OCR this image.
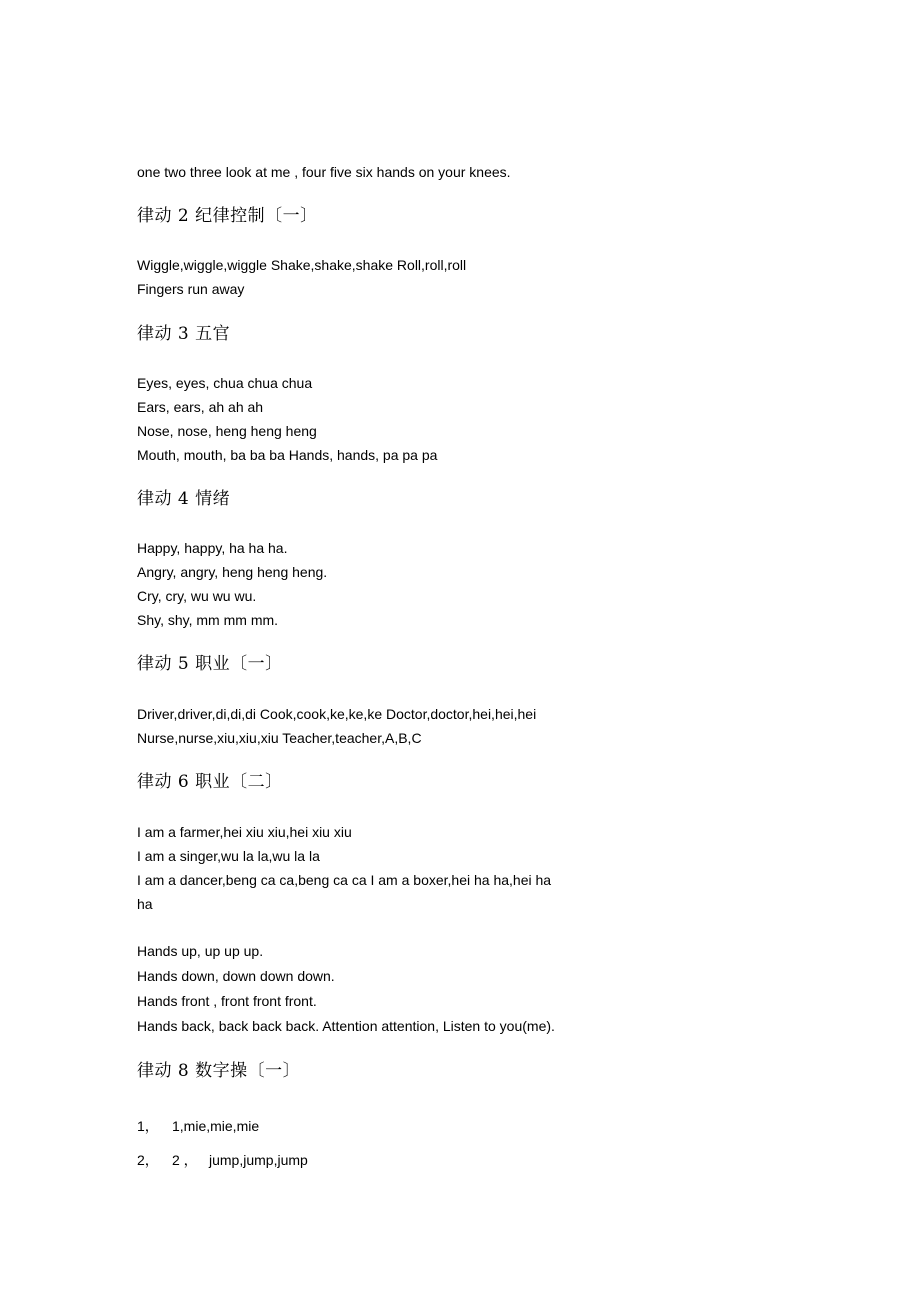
one two three look at me , four five six hands on your knees.
律动 2 纪律控制〔一〕
Wiggle,wiggle,wiggle Shake,shake,shake Roll,roll,roll
Fingers run away
律动 3 五官
Eyes, eyes, chua chua chua
Ears, ears, ah ah ah
Nose, nose, heng heng heng
Mouth, mouth, ba ba ba Hands, hands, pa pa pa
律动 4 情绪
Happy, happy, ha ha ha.
Angry, angry, heng heng heng.
Cry, cry, wu wu wu.
Shy, shy, mm mm mm.
律动 5 职业〔一〕
Driver,driver,di,di,di Cook,cook,ke,ke,ke Doctor,doctor,hei,hei,hei
Nurse,nurse,xiu,xiu,xiu Teacher,teacher,A,B,C
律动 6 职业〔二〕
I am a farmer,hei xiu xiu,hei xiu xiu
I am a singer,wu la la,wu la la
I am a dancer,beng ca ca,beng ca ca I am a boxer,hei ha ha,hei ha
ha
Hands up, up up up.
Hands down, down down down.
Hands front , front front front.
Hands back, back back back. Attention attention, Listen to you(me).
律动 8 数字操〔一〕
1， 1,mie,mie,mie
2， 2 ， jump,jump,jump
